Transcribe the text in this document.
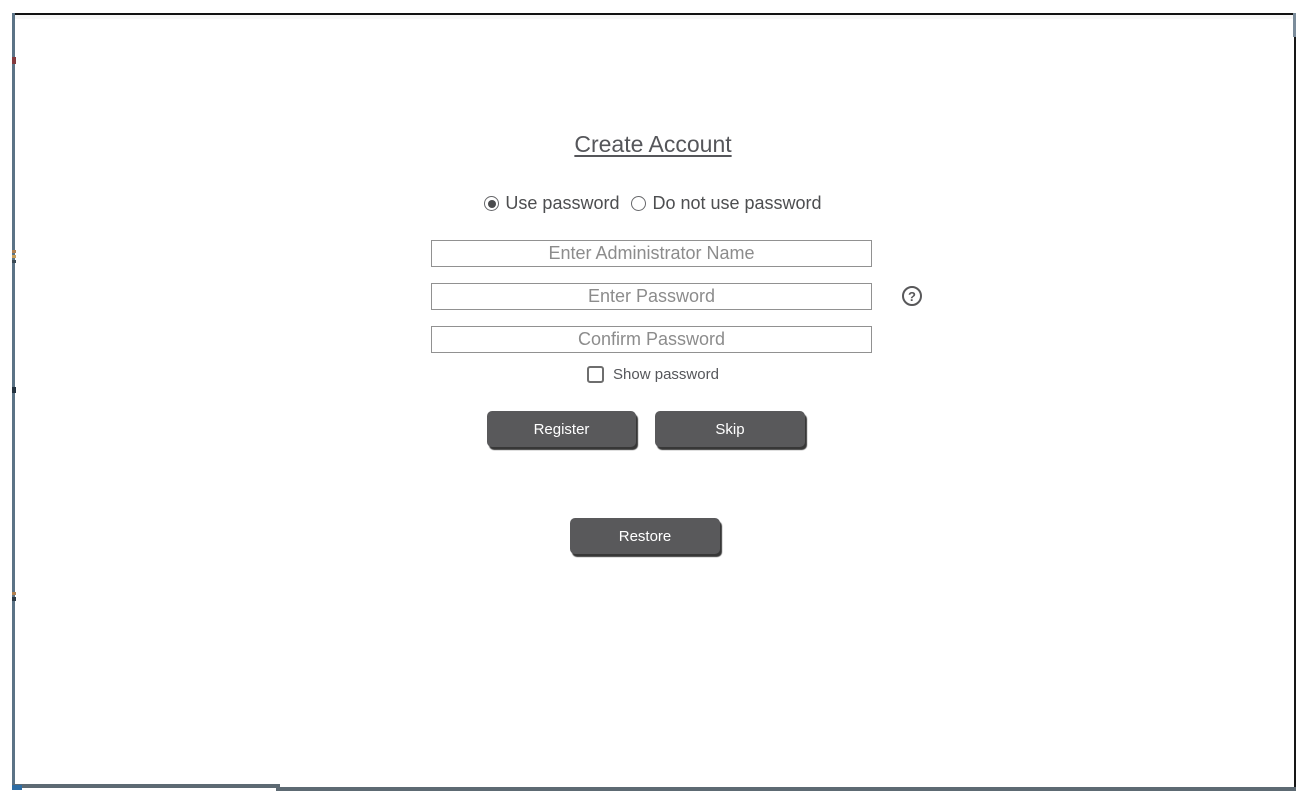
Create Account
Use password Do not use password
Enter Administrator Name
Enter Password
Confirm Password
?
Show password
Register	Skip
Restore
